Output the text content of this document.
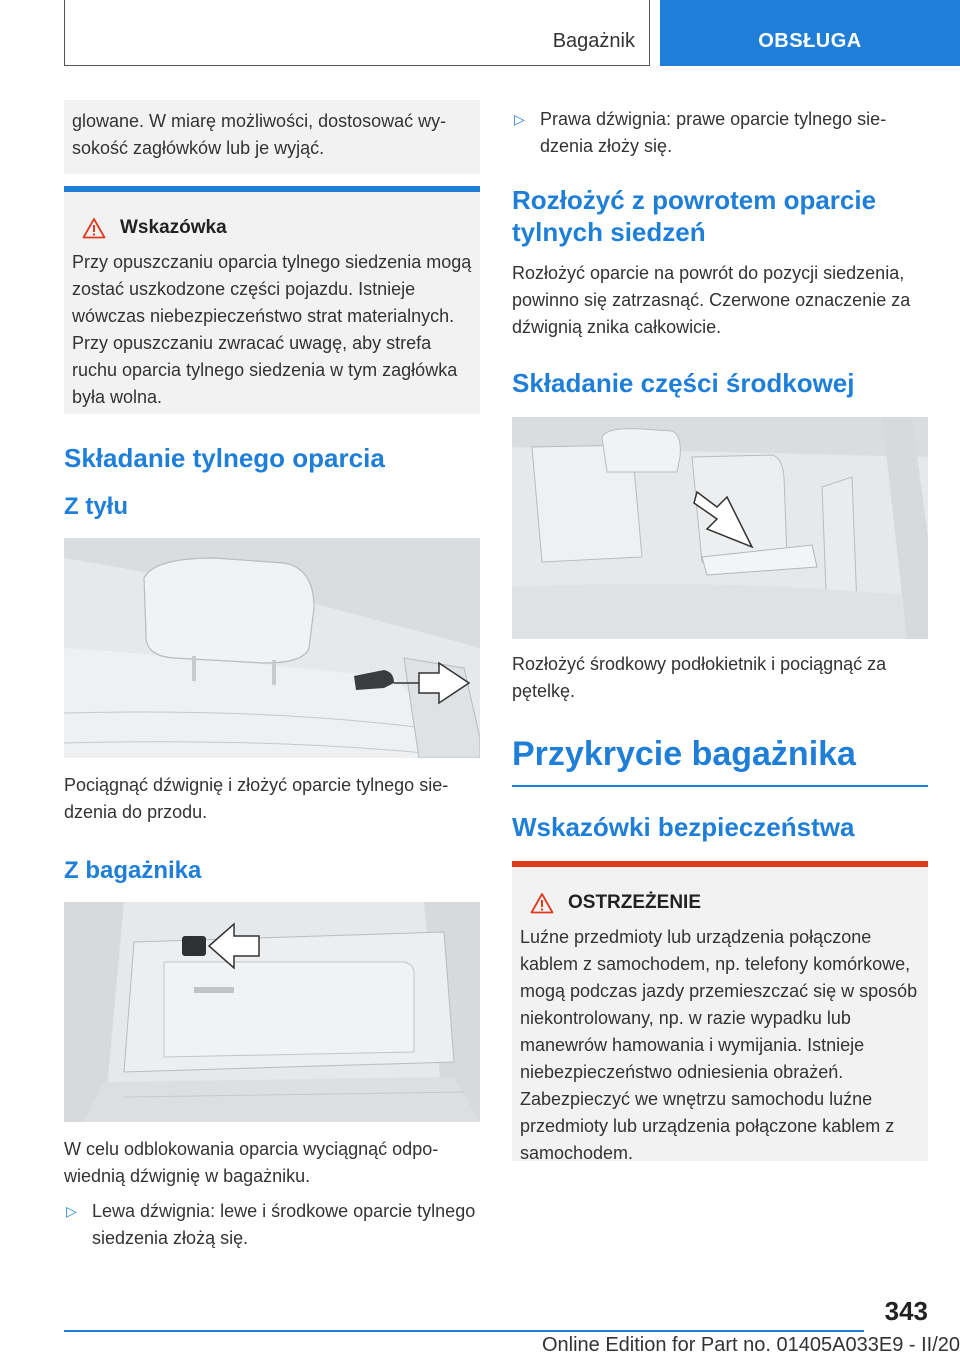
Bagażnik	OBSŁUGA
glowane. W miarę możliwości, dostosować wysokość zagłówków lub je wyjąć.
Wskazówka
Przy opuszczaniu oparcia tylnego siedzenia mogą zostać uszkodzone części pojazdu. Istnieje wówczas niebezpieczeństwo strat materialnych. Przy opuszczaniu zwracać uwagę, aby strefa ruchu oparcia tylnego siedzenia w tym zagłówka była wolna.
Składanie tylnego oparcia
Z tyłu
Pociągnąć dźwignię i złożyć oparcie tylnego siedzenia do przodu.
Z bagażnika
W celu odblokowania oparcia wyciągnąć odpowiednią dźwignię w bagażniku.
▷ Lewa dźwignia: lewe i środkowe oparcie tylnego siedzenia złożą się.
▷ Prawa dźwignia: prawe oparcie tylnego siedzenia złoży się.
Rozłożyć z powrotem oparcie tylnych siedzeń
Rozłożyć oparcie na powrót do pozycji siedzenia, powinno się zatrzasnąć. Czerwone oznaczenie za dźwignią znika całkowicie.
Składanie części środkowej
Rozłożyć środkowy podłokietnik i pociągnąć za pętelkę.
Przykrycie bagażnika
Wskazówki bezpieczeństwa
OSTRZEŻENIE
Luźne przedmioty lub urządzenia połączone kablem z samochodem, np. telefony komórkowe, mogą podczas jazdy przemieszczać się w sposób niekontrolowany, np. w razie wypadku lub manewrów hamowania i wymijania. Istnieje niebezpieczeństwo odniesienia obrażeń. Zabezpieczyć we wnętrzu samochodu luźne przedmioty lub urządzenia połączone kablem z samochodem.
343
Online Edition for Part no. 01405A033E9 - II/20
